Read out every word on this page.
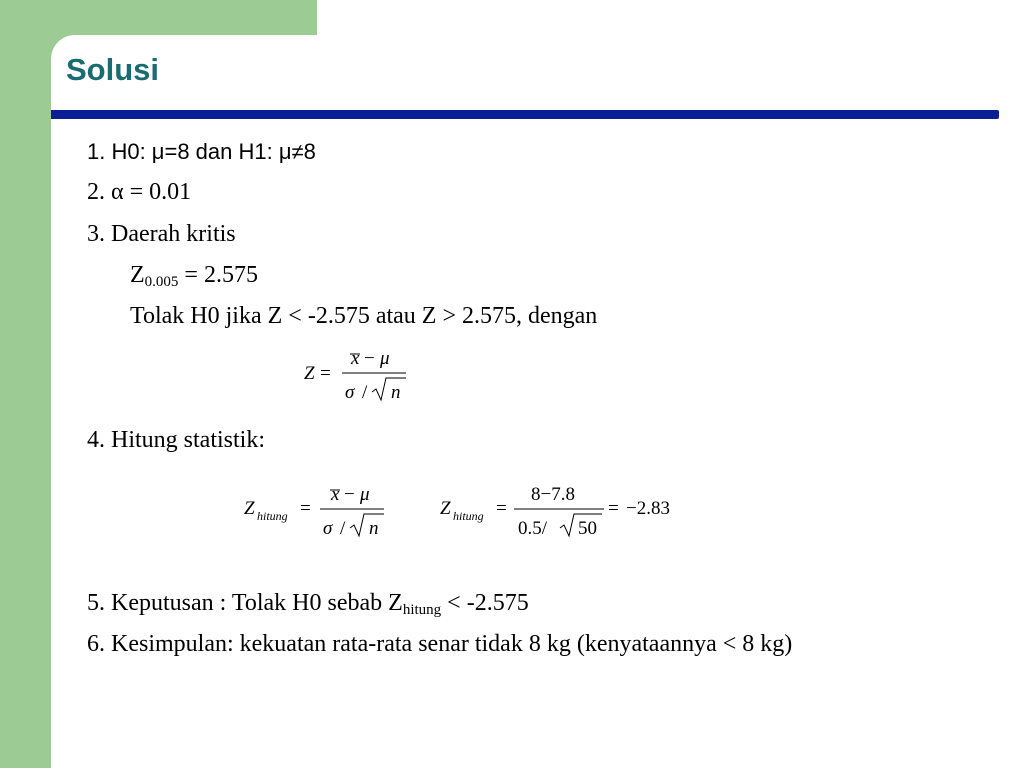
Solusi
1. H0: μ=8 dan H1: μ≠8
2. α = 0.01
3. Daerah kritis
$Z_{0.005} = 2.575$
Tolak H0 jika Z < -2.575 atau Z > 2.575, dengan
Z =
x − μ
σ / n
4. Hitung statistik:
Z hitung =
x − μ
σ / n
Z hitung =
8−7.8
0.5/ 50
= −2.83
5. Keputusan : Tolak H0 sebab $Z_{hitung} < -2.575$
6. Kesimpulan: kekuatan rata-rata senar tidak 8 kg (kenyataannya < 8 kg)
